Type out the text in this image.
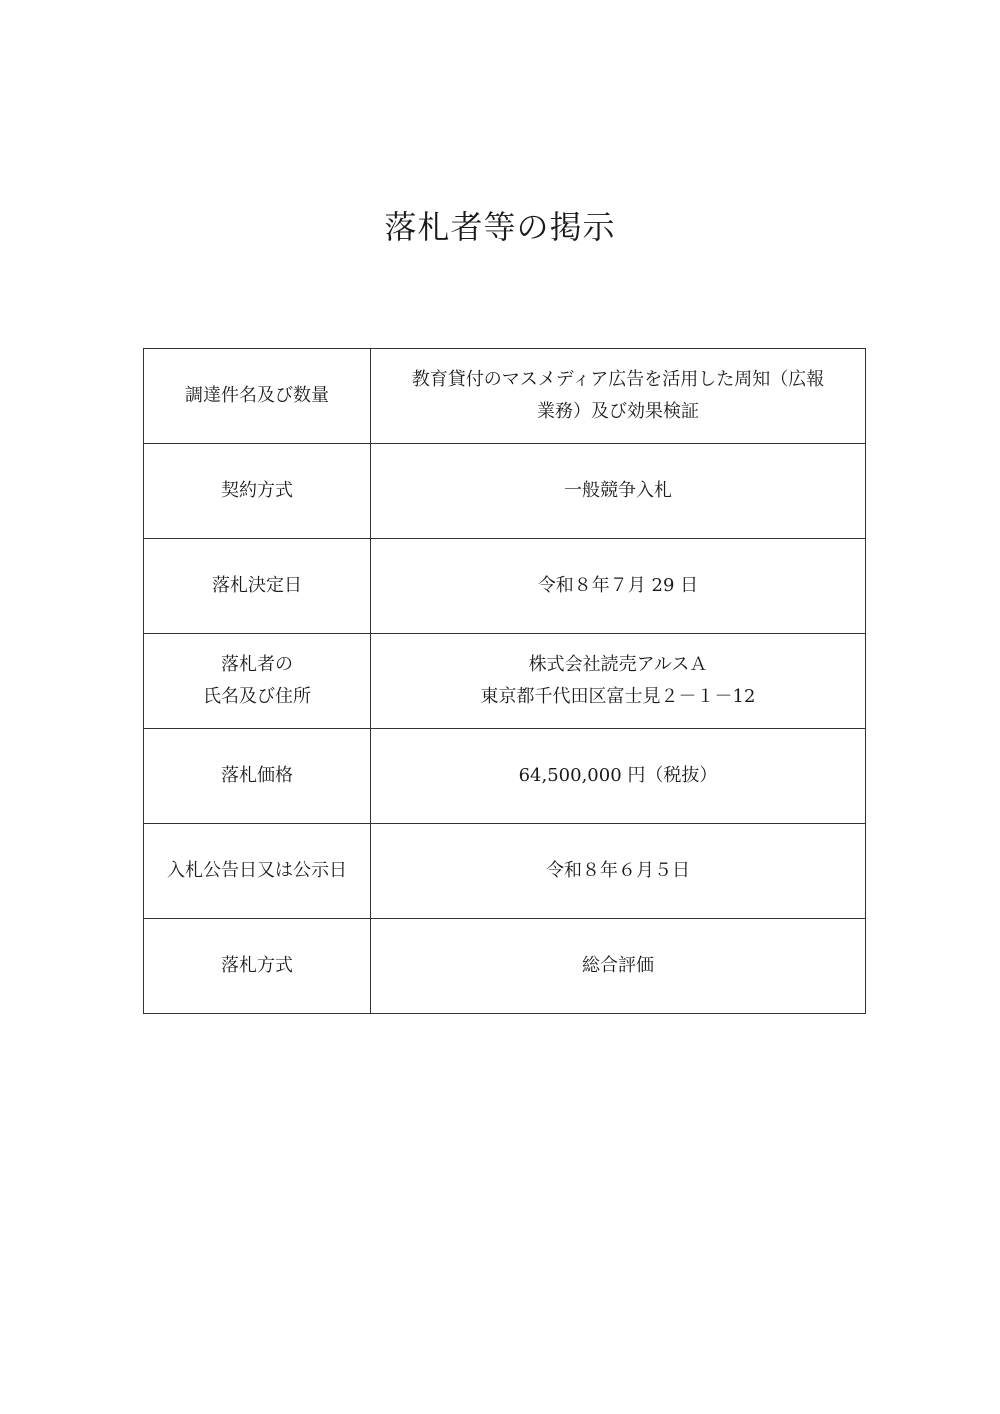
落札者等の掲示
調達件名及び数量	教育貸付のマスメディア広告を活用した周知（広報
業務）及び効果検証

契約方式	一般競争入札

落札決定日	令和８年７月 29 日

落札者の
氏名及び住所	株式会社読売アルスＡ
東京都千代田区富士見２－１－12

落札価格	64,500,000 円（税抜）

入札公告日又は公示日	令和８年６月５日

落札方式	総合評価
